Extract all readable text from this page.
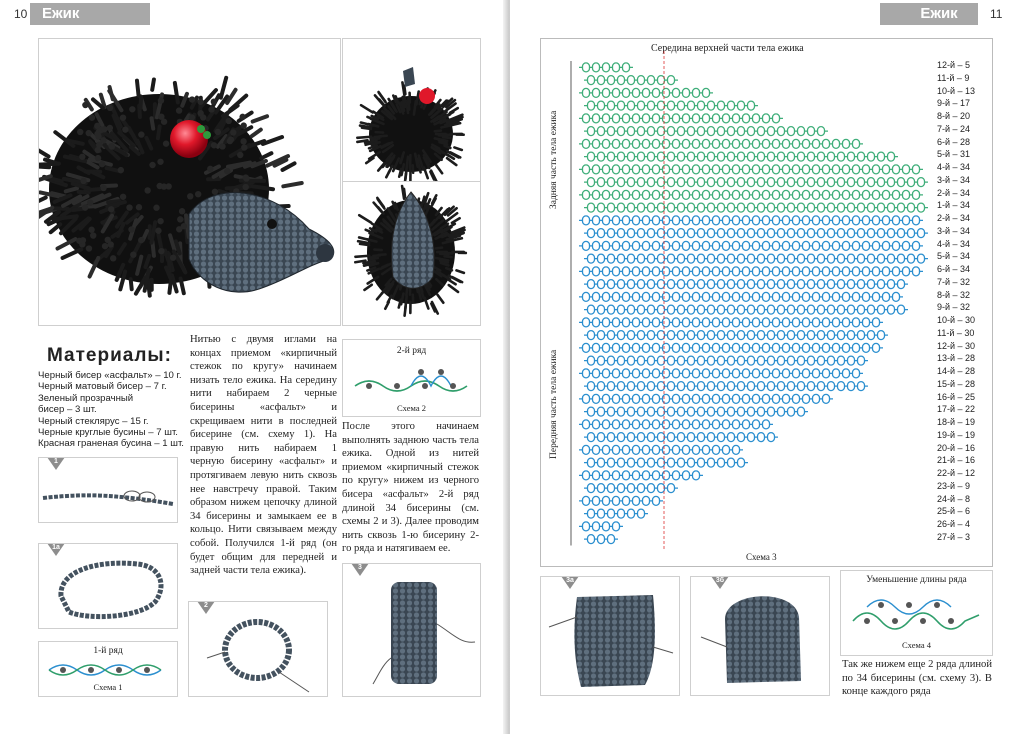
10 Ежик
Материалы:
Черный бисер «асфальт» – 10 г.
Черный матовый бисер – 7 г.
Зеленый прозрачный
бисер – 3 шт.
Черный стеклярус – 15 г.
Черные круглые бусины – 7 шт.
Красная граненая бусина – 1 шт.
Нитью с двумя иглами на концах приемом «кирпичный стежок по кругу» начинаем низать тело ежика. На середину нити набираем 2 черные бисерины «асфальт» и скрещиваем нити в последней бисерине (см. схему 1). На правую нить набираем 1 черную бисерину «асфальт» и протягиваем левую нить сквозь нее навстречу правой. Таким образом нижем цепочку длиной 34 бисерины и замыкаем ее в кольцо. Нити связываем между собой. Получился 1-й ряд (он будет общим для передней и задней части тела ежика).
2-й ряд
Схема 2
После этого начинаем выполнять заднюю часть тела ежика. Одной из нитей приемом «кирпичный стежок по кругу» нижем из черного бисера «асфальт» 2-й ряд длиной 34 бисерины (см. схемы 2 и 3). Далее проводим нить сквозь 1-ю бисерину 2-го ряда и натягиваем ее.
1
1а
1-й ряд
Схема 1
2
3
11
Ежик
Середина верхней части тела ежика
Задняя часть тела ежика
Передняя часть тела ежика
Схема 3
12-й – 5
11-й – 9
10-й – 13
9-й – 17
8-й – 20
7-й – 24
6-й – 28
5-й – 31
4-й – 34
3-й – 34
2-й – 34
1-й – 34
2-й – 34
3-й – 34
4-й – 34
5-й – 34
6-й – 34
7-й – 32
8-й – 32
9-й – 32
10-й – 30
11-й – 30
12-й – 30
13-й – 28
14-й – 28
15-й – 28
16-й – 25
17-й – 22
18-й – 19
19-й – 19
20-й – 16
21-й – 16
22-й – 12
23-й – 9
24-й – 8
25-й – 6
26-й – 4
27-й – 3
3а	3б	Уменьшение длины ряда
Схема 4
Так же нижем еще 2 ряда длиной по 34 бисерины (см. схему 3). В конце каждого ряда
